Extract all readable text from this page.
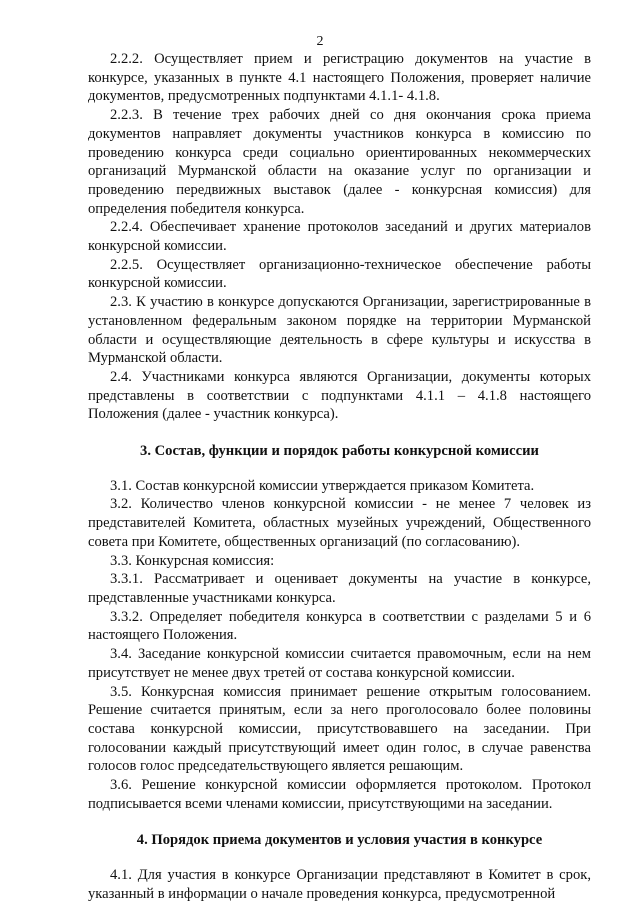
2

2.2.2. Осуществляет прием и регистрацию документов на участие в конкурсе, указанных в пункте 4.1 настоящего Положения, проверяет наличие документов, предусмотренных подпунктами 4.1.1- 4.1.8.

2.2.3. В течение трех рабочих дней со дня окончания срока приема документов направляет документы участников конкурса в комиссию по проведению конкурса среди социально ориентированных некоммерческих организаций Мурманской области на оказание услуг по организации и проведению передвижных выставок (далее - конкурсная комиссия) для определения победителя конкурса.

2.2.4. Обеспечивает хранение протоколов заседаний и других материалов конкурсной комиссии.

2.2.5. Осуществляет организационно-техническое обеспечение работы конкурсной комиссии.

2.3. К участию в конкурсе допускаются Организации, зарегистрированные в установленном федеральным законом порядке на территории Мурманской области и осуществляющие деятельность в сфере культуры и искусства в Мурманской области.

2.4. Участниками конкурса являются Организации, документы которых представлены в соответствии с подпунктами 4.1.1 – 4.1.8 настоящего Положения (далее - участник конкурса).

3. Состав, функции и порядок работы конкурсной комиссии

3.1. Состав конкурсной комиссии утверждается приказом Комитета.

3.2. Количество членов конкурсной комиссии - не менее 7 человек из представителей Комитета, областных музейных учреждений, Общественного совета при Комитете, общественных организаций (по согласованию).

3.3. Конкурсная комиссия:

3.3.1. Рассматривает и оценивает документы на участие в конкурсе, представленные участниками конкурса.

3.3.2. Определяет победителя конкурса в соответствии с разделами 5 и 6 настоящего Положения.

3.4. Заседание конкурсной комиссии считается правомочным, если на нем присутствует не менее двух третей от состава конкурсной комиссии.

3.5. Конкурсная комиссия принимает решение открытым голосованием. Решение считается принятым, если за него проголосовало более половины состава конкурсной комиссии, присутствовавшего на заседании. При голосовании каждый присутствующий имеет один голос, в случае равенства голосов голос председательствующего является решающим.

3.6. Решение конкурсной комиссии оформляется протоколом. Протокол подписывается всеми членами комиссии, присутствующими на заседании.

4. Порядок приема документов и условия участия в конкурсе

4.1. Для участия в конкурсе Организации представляют в Комитет в срок, указанный в информации о начале проведения конкурса, предусмотренной
